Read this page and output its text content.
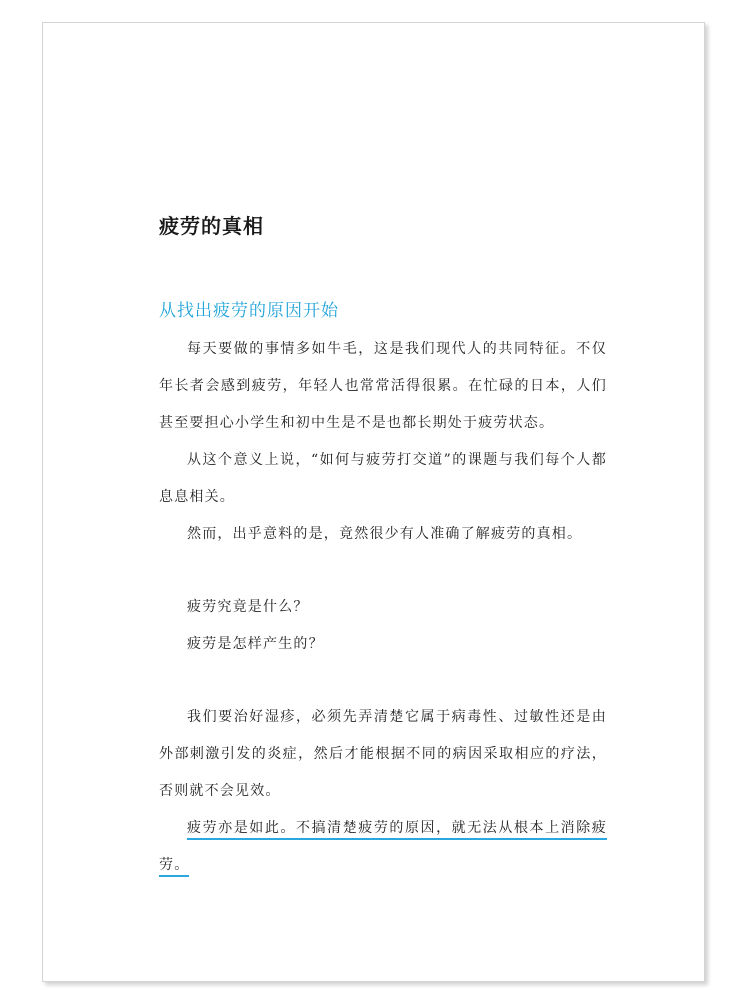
疲劳的真相
从找出疲劳的原因开始

每天要做的事情多如牛毛，这是我们现代人的共同特征。不仅年长者会感到疲劳，年轻人也常常活得很累。在忙碌的日本，人们甚至要担心小学生和初中生是不是也都长期处于疲劳状态。

从这个意义上说，“如何与疲劳打交道”的课题与我们每个人都息息相关。

然而，出乎意料的是，竟然很少有人准确了解疲劳的真相。

疲劳究竟是什么？

疲劳是怎样产生的？

我们要治好湿疹，必须先弄清楚它属于病毒性、过敏性还是由外部刺激引发的炎症，然后才能根据不同的病因采取相应的疗法，否则就不会见效。

疲劳亦是如此。不搞清楚疲劳的原因，就无法从根本上消除疲劳。
